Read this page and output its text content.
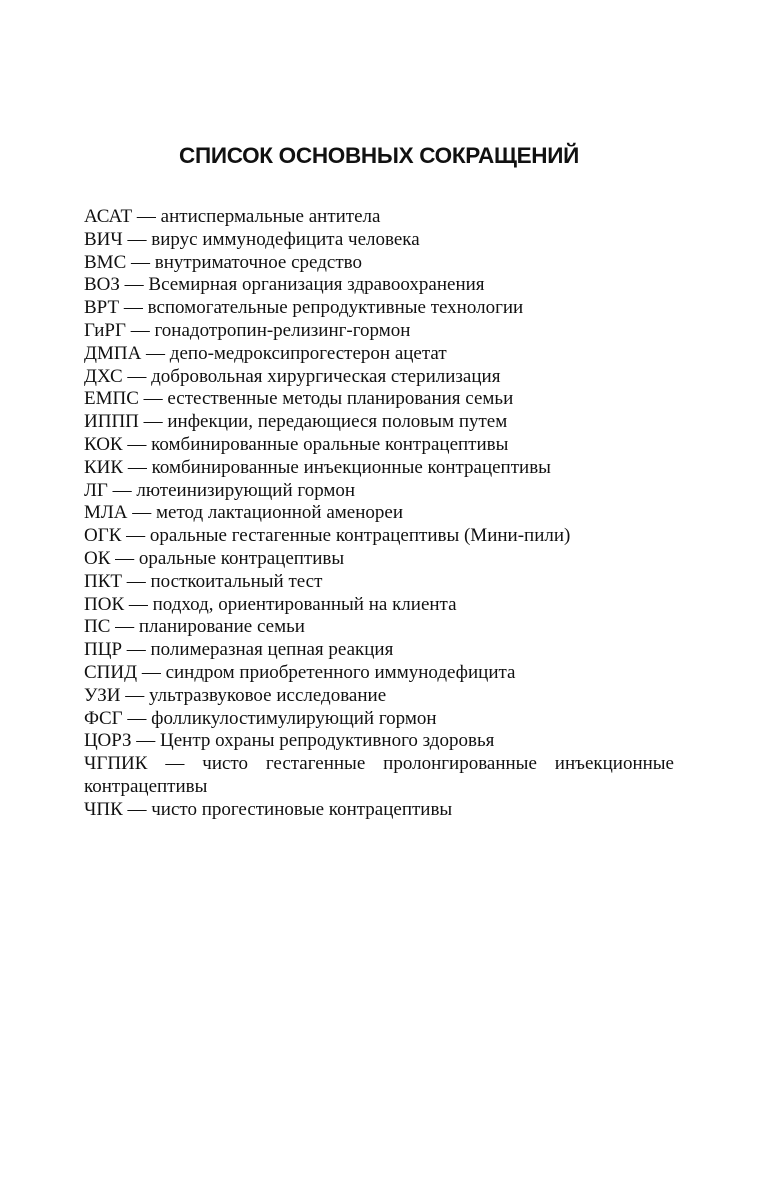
СПИСОК ОСНОВНЫХ СОКРАЩЕНИЙ
АСАТ — антиспермальные антитела
ВИЧ — вирус иммунодефицита человека
ВМС — внутриматочное средство
ВОЗ — Всемирная организация здравоохранения
ВРТ — вспомогательные репродуктивные технологии
ГиРГ — гонадотропин-релизинг-гормон
ДМПА — депо-медроксипрогестерон ацетат
ДХС — добровольная хирургическая стерилизация
ЕМПС — естественные методы планирования семьи
ИППП — инфекции, передающиеся половым путем
КОК — комбинированные оральные контрацептивы
КИК — комбинированные инъекционные контрацептивы
ЛГ — лютеинизирующий гормон
МЛА — метод лактационной аменореи
ОГК — оральные гестагенные контрацептивы (Мини-пили)
ОК — оральные контрацептивы
ПКТ — посткоитальный тест
ПОК — подход, ориентированный на клиента
ПС — планирование семьи
ПЦР — полимеразная цепная реакция
СПИД — синдром приобретенного иммунодефицита
УЗИ — ультразвуковое исследование
ФСГ — фолликулостимулирующий гормон
ЦОРЗ — Центр охраны репродуктивного здоровья
ЧГПИК — чисто гестагенные пролонгированные инъекционные контрацептивы
ЧПК — чисто прогестиновые контрацептивы
